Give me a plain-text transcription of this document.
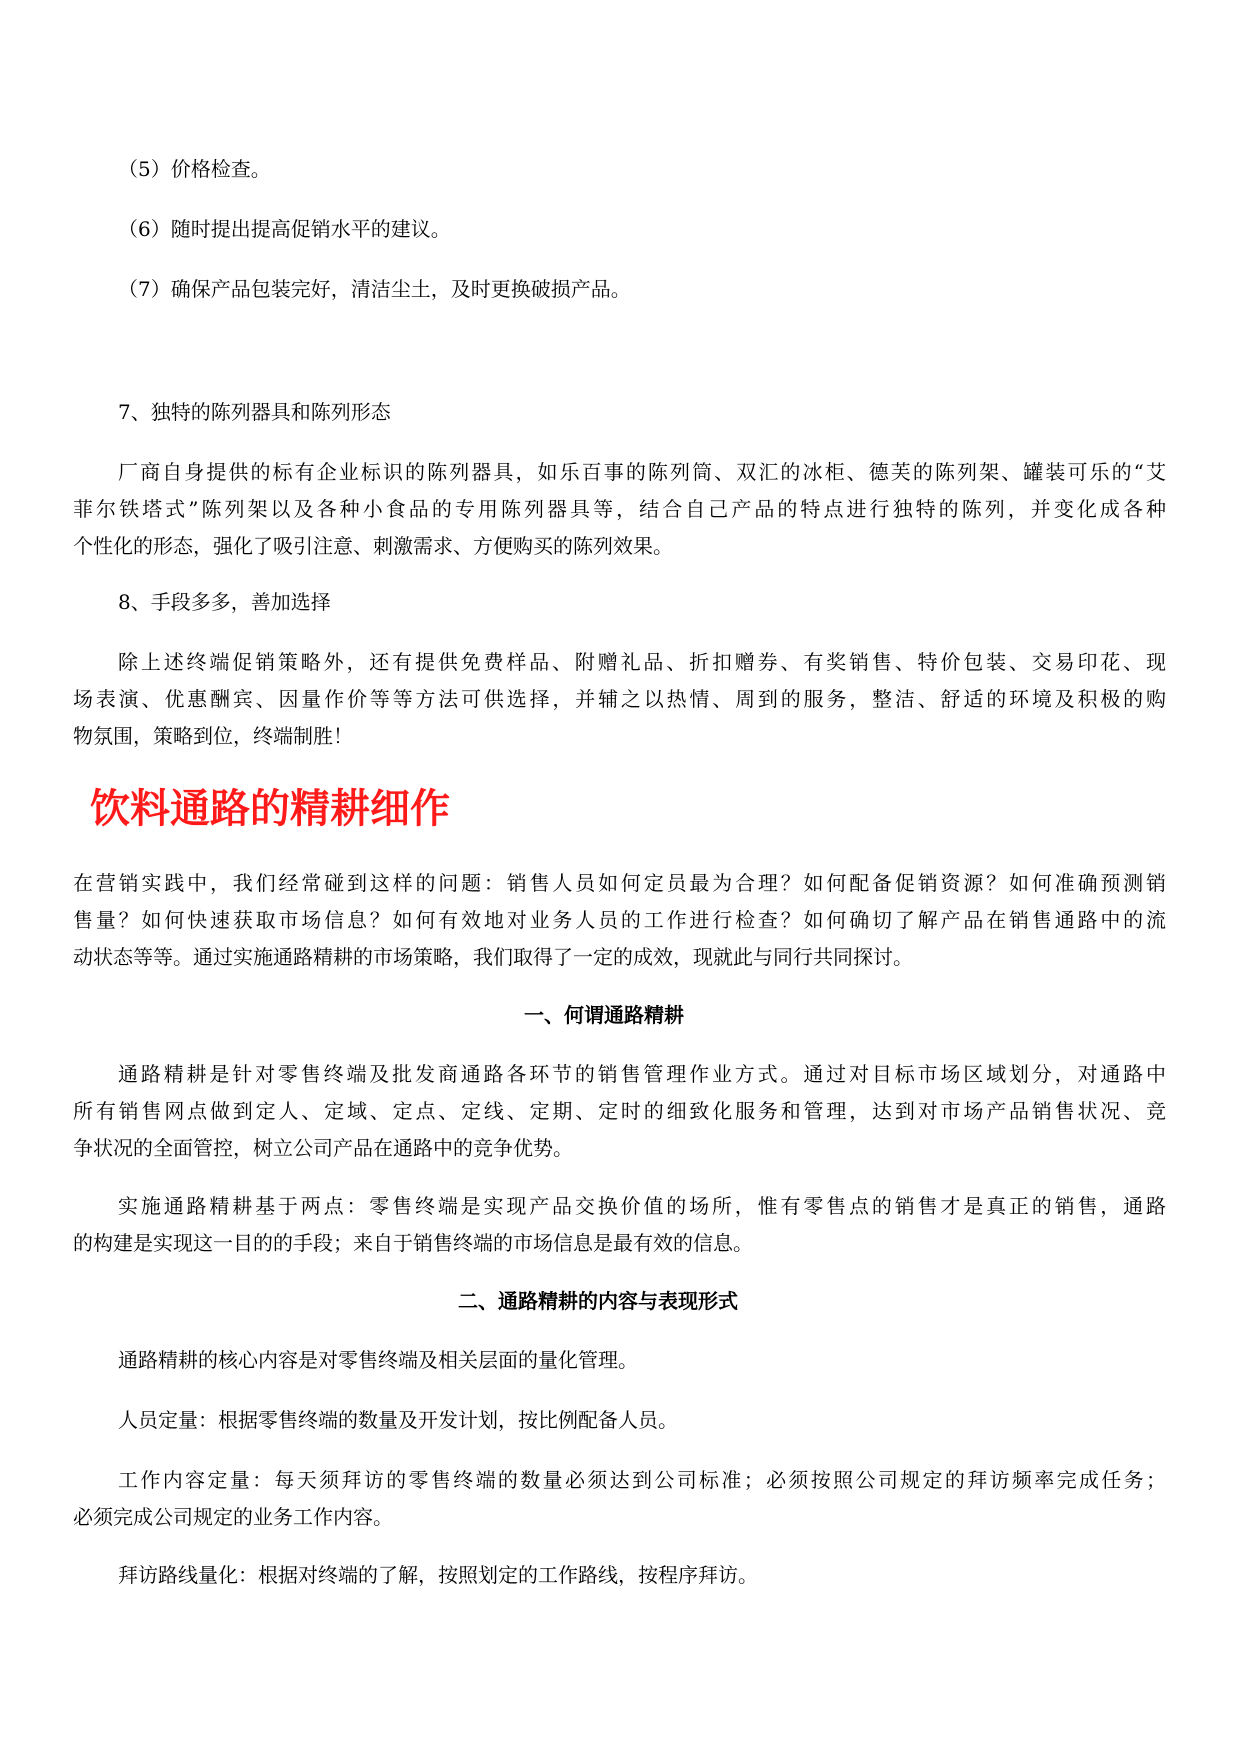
（5）价格检查。

（6）随时提出提高促销水平的建议。

（7）确保产品包装完好，清洁尘土，及时更换破损产品。

7、独特的陈列器具和陈列形态

厂商自身提供的标有企业标识的陈列器具，如乐百事的陈列筒、双汇的冰柜、德芙的陈列架、罐装可乐的“艾

菲尔铁塔式”陈列架以及各种小食品的专用陈列器具等，结合自己产品的特点进行独特的陈列，并变化成各种

个性化的形态，强化了吸引注意、刺激需求、方便购买的陈列效果。

8、手段多多，善加选择

除上述终端促销策略外，还有提供免费样品、附赠礼品、折扣赠券、有奖销售、特价包装、交易印花、现

场表演、优惠酬宾、因量作价等等方法可供选择，并辅之以热情、周到的服务，整洁、舒适的环境及积极的购

物氛围，策略到位，终端制胜！

饮料通路的精耕细作

在营销实践中，我们经常碰到这样的问题：销售人员如何定员最为合理？如何配备促销资源？如何准确预测销

售量？如何快速获取市场信息？如何有效地对业务人员的工作进行检查？如何确切了解产品在销售通路中的流

动状态等等。通过实施通路精耕的市场策略，我们取得了一定的成效，现就此与同行共同探讨。

一、何谓通路精耕

通路精耕是针对零售终端及批发商通路各环节的销售管理作业方式。通过对目标市场区域划分，对通路中

所有销售网点做到定人、定域、定点、定线、定期、定时的细致化服务和管理，达到对市场产品销售状况、竞

争状况的全面管控，树立公司产品在通路中的竞争优势。

实施通路精耕基于两点：零售终端是实现产品交换价值的场所，惟有零售点的销售才是真正的销售，通路

的构建是实现这一目的的手段；来自于销售终端的市场信息是最有效的信息。

二、通路精耕的内容与表现形式

通路精耕的核心内容是对零售终端及相关层面的量化管理。

人员定量：根据零售终端的数量及开发计划，按比例配备人员。

工作内容定量：每天须拜访的零售终端的数量必须达到公司标准；必须按照公司规定的拜访频率完成任务；

必须完成公司规定的业务工作内容。

拜访路线量化：根据对终端的了解，按照划定的工作路线，按程序拜访。
